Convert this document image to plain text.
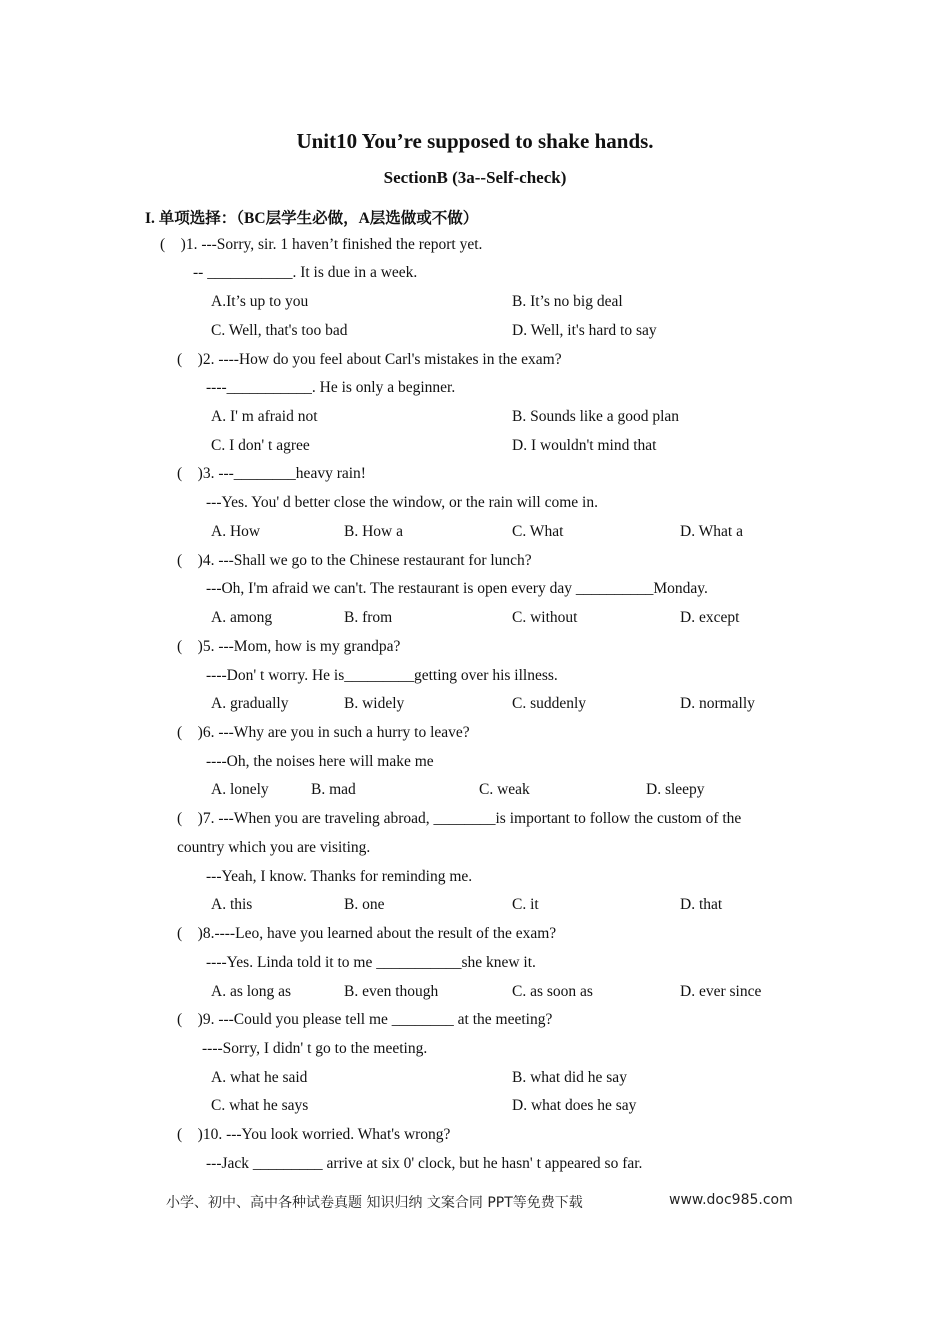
Unit10 You’re supposed to shake hands.
SectionB (3a--Self-check)
I. 单项选择：（BC层学生必做，A层选做或不做）
(    )1. ---Sorry, sir. 1 haven’t finished the report yet.
-- ___________. It is due in a week.
A.It’s up to you	B. It’s no big deal
C. Well, that's too bad	D. Well, it's hard to say
(    )2. ----How do you feel about Carl's mistakes in the exam?
----___________. He is only a beginner.
A. I' m afraid not	B. Sounds like a good plan
C. I don' t agree	D. I wouldn't mind that
(    )3. ---________heavy rain!
---Yes. You' d better close the window, or the rain will come in.
A. How	B. How a	C. What	D. What a
(    )4. ---Shall we go to the Chinese restaurant for lunch?
---Oh, I'm afraid we can't. The restaurant is open every day __________Monday.
A. among	B. from	C. without	D. except
(    )5. ---Mom, how is my grandpa?
----Don' t worry. He is_________getting over his illness.
A. gradually	B. widely	C. suddenly	D. normally
(    )6. ---Why are you in such a hurry to leave?
----Oh, the noises here will make me
A. lonely	B. mad	C. weak	D. sleepy
(    )7. ---When you are traveling abroad, ________is important to follow the custom of the
country which you are visiting.
---Yeah, I know. Thanks for reminding me.
A. this	B. one	C. it	D. that
(    )8.----Leo, have you learned about the result of the exam?
----Yes. Linda told it to me ___________she knew it.
A. as long as	B. even though	C. as soon as	D. ever since
(    )9. ---Could you please tell me ________ at the meeting?
----Sorry, I didn' t go to the meeting.
A. what he said	B. what did he say
C. what he says	D. what does he say
(    )10. ---You look worried. What's wrong?
---Jack _________ arrive at six 0' clock, but he hasn' t appeared so far.
小学、初中、高中各种试卷真题 知识归纳 文案合同 PPT等免费下载	www.doc985.com
